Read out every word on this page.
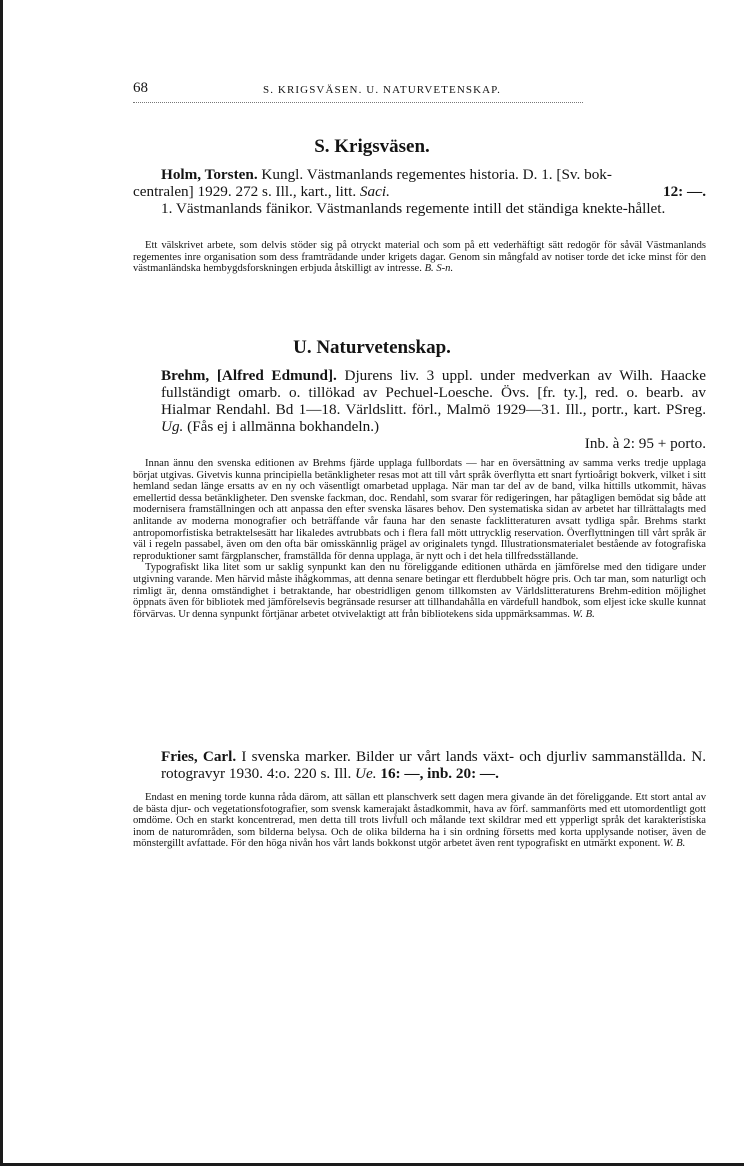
68	S. KRIGSVÄSEN. U. NATURVETENSKAP.
S. Krigsväsen.
Holm, Torsten. Kungl. Västmanlands regementes historia. D. 1. [Sv. bok-
centralen] 1929. 272 s. Ill., kart., litt. Saci.	12: —.
1. Västmanlands fänikor. Västmanlands regemente intill det ständiga knekte-hållet.

Ett välskrivet arbete, som delvis stöder sig på otryckt material och som på ett vederhäftigt sätt redogör för såväl Västmanlands regementes inre organisation som dess framträdande under krigets dagar. Genom sin mångfald av notiser torde det icke minst för den västmanländska hembygdsforskningen erbjuda åtskilligt av intresse. B. S-n.

U. Naturvetenskap.
Brehm, [Alfred Edmund]. Djurens liv. 3 uppl. under medverkan av Wilh. Haacke fullständigt omarb. o. tillökad av Pechuel-Loesche. Övs. [fr. ty.], red. o. bearb. av Hialmar Rendahl. Bd 1—18. Världslitt. förl., Malmö 1929—31. Ill., portr., kart. PSreg. Ug. (Fås ej i allmänna bokhandeln.)
Inb. à 2: 95 + porto.

Innan ännu den svenska editionen av Brehms fjärde upplaga fullbordats — har en översättning av samma verks tredje upplaga börjat utgivas. Givetvis kunna principiella betänkligheter resas mot att till vårt språk överflytta ett snart fyrtioårigt bokverk, vilket i sitt hemland sedan länge ersatts av en ny och väsentligt omarbetad upplaga. När man tar del av de band, vilka hittills utkommit, hävas emellertid dessa betänkligheter. Den svenske fackman, doc. Rendahl, som svarar för redigeringen, har påtagligen bemödat sig både att modernisera framställningen och att anpassa den efter svenska läsares behov. Den systematiska sidan av arbetet har tillrättalagts med anlitande av moderna monografier och beträffande vår fauna har den senaste facklitteraturen avsatt tydliga spår. Brehms starkt antropomorfistiska betraktelsesätt har likaledes avtrubbats och i flera fall mött uttrycklig reservation. Överflyttningen till vårt språk är väl i regeln passabel, även om den ofta bär omisskännlig prägel av originalets tyngd. Illustrationsmaterialet bestående av fotografiska reproduktioner samt färgplanscher, framställda för denna upplaga, är nytt och i det hela tillfredsställande.

Typografiskt lika litet som ur saklig synpunkt kan den nu föreliggande editionen uthärda en jämförelse med den tidigare under utgivning varande. Men härvid måste ihågkommas, att denna senare betingar ett flerdubbelt högre pris. Och tar man, som naturligt och rimligt är, denna omständighet i betraktande, har obestridligen genom tillkomsten av Världslitteraturens Brehm-edition möjlighet öppnats även för bibliotek med jämförelsevis begränsade resurser att tillhandahålla en värdefull handbok, som eljest icke skulle kunnat förvärvas. Ur denna synpunkt förtjänar arbetet otvivelaktigt att från bibliotekens sida uppmärksammas. W. B.

Fries, Carl. I svenska marker. Bilder ur vårt lands växt- och djurliv sammanställda. N. rotogravyr 1930. 4:o. 220 s. Ill. Ue. 16: —, inb. 20: —.

Endast en mening torde kunna råda därom, att sällan ett planschverk sett dagen mera givande än det föreliggande. Ett stort antal av de bästa djur- och vegetationsfotografier, som svensk kamerajakt åstadkommit, hava av förf. sammanförts med ett utomordentligt gott omdöme. Och en starkt koncentrerad, men detta till trots livfull och målande text skildrar med ett ypperligt språk det karakteristiska inom de naturområden, som bilderna belysa. Och de olika bilderna ha i sin ordning försetts med korta upplysande notiser, även de mönstergillt avfattade. För den höga nivån hos vårt lands bokkonst utgör arbetet även rent typografiskt en utmärkt exponent. W. B.
